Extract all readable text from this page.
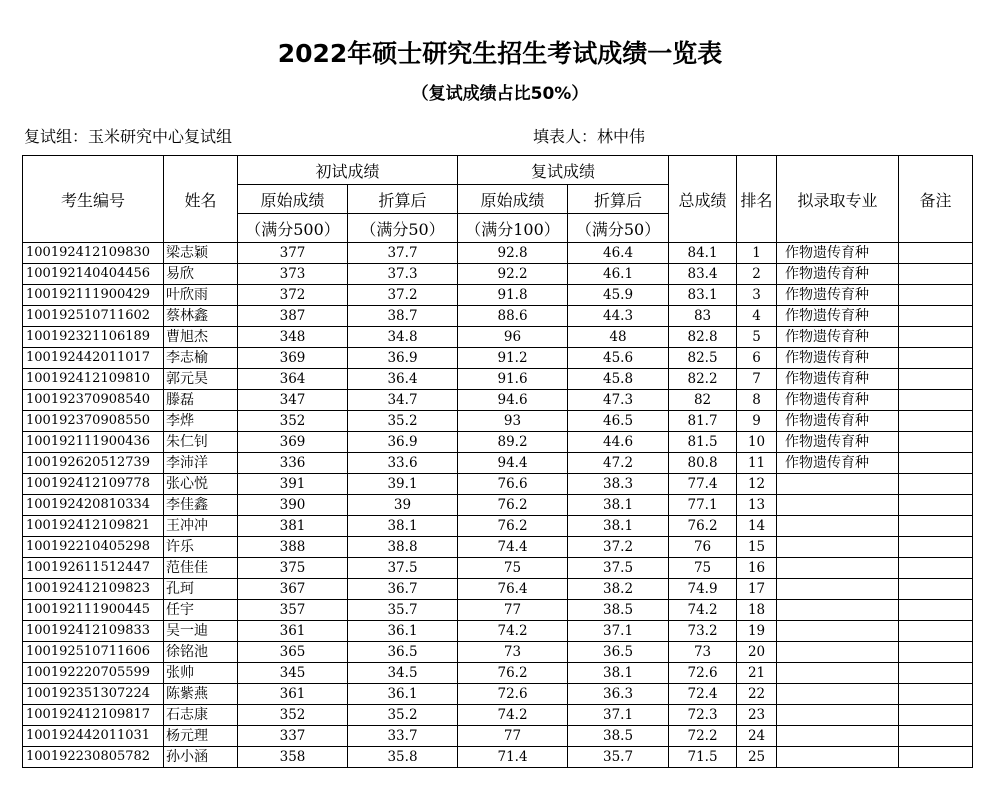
2022年硕士研究生招生考试成绩一览表
（复试成绩占比50%）
复试组：玉米研究中心复试组	填表人：林中伟
考生编号	姓名	初试成绩		复试成绩		总成绩	排名	拟录取专业	备注
		原始成绩	折算后	原始成绩	折算后				
		（满分500）	（满分50）	（满分100）	（满分50）				
100192412109830	梁志颖	377	37.7	92.8	46.4	84.1	1	作物遗传育种	
100192140404456	易欣	373	37.3	92.2	46.1	83.4	2	作物遗传育种	
100192111900429	叶欣雨	372	37.2	91.8	45.9	83.1	3	作物遗传育种	
100192510711602	蔡林鑫	387	38.7	88.6	44.3	83	4	作物遗传育种	
100192321106189	曹旭杰	348	34.8	96	48	82.8	5	作物遗传育种	
100192442011017	李志榆	369	36.9	91.2	45.6	82.5	6	作物遗传育种	
100192412109810	郭元昊	364	36.4	91.6	45.8	82.2	7	作物遗传育种	
100192370908540	滕磊	347	34.7	94.6	47.3	82	8	作物遗传育种	
100192370908550	李烨	352	35.2	93	46.5	81.7	9	作物遗传育种	
100192111900436	朱仁钊	369	36.9	89.2	44.6	81.5	10	作物遗传育种	
100192620512739	李沛洋	336	33.6	94.4	47.2	80.8	11	作物遗传育种	
100192412109778	张心悦	391	39.1	76.6	38.3	77.4	12		
100192420810334	李佳鑫	390	39	76.2	38.1	77.1	13		
100192412109821	王冲冲	381	38.1	76.2	38.1	76.2	14		
100192210405298	许乐	388	38.8	74.4	37.2	76	15		
100192611512447	范佳佳	375	37.5	75	37.5	75	16		
100192412109823	孔珂	367	36.7	76.4	38.2	74.9	17		
100192111900445	任宇	357	35.7	77	38.5	74.2	18		
100192412109833	吴一迪	361	36.1	74.2	37.1	73.2	19		
100192510711606	徐铭池	365	36.5	73	36.5	73	20		
100192220705599	张帅	345	34.5	76.2	38.1	72.6	21		
100192351307224	陈紫燕	361	36.1	72.6	36.3	72.4	22		
100192412109817	石志康	352	35.2	74.2	37.1	72.3	23		
100192442011031	杨元理	337	33.7	77	38.5	72.2	24		
100192230805782	孙小涵	358	35.8	71.4	35.7	71.5	25		
